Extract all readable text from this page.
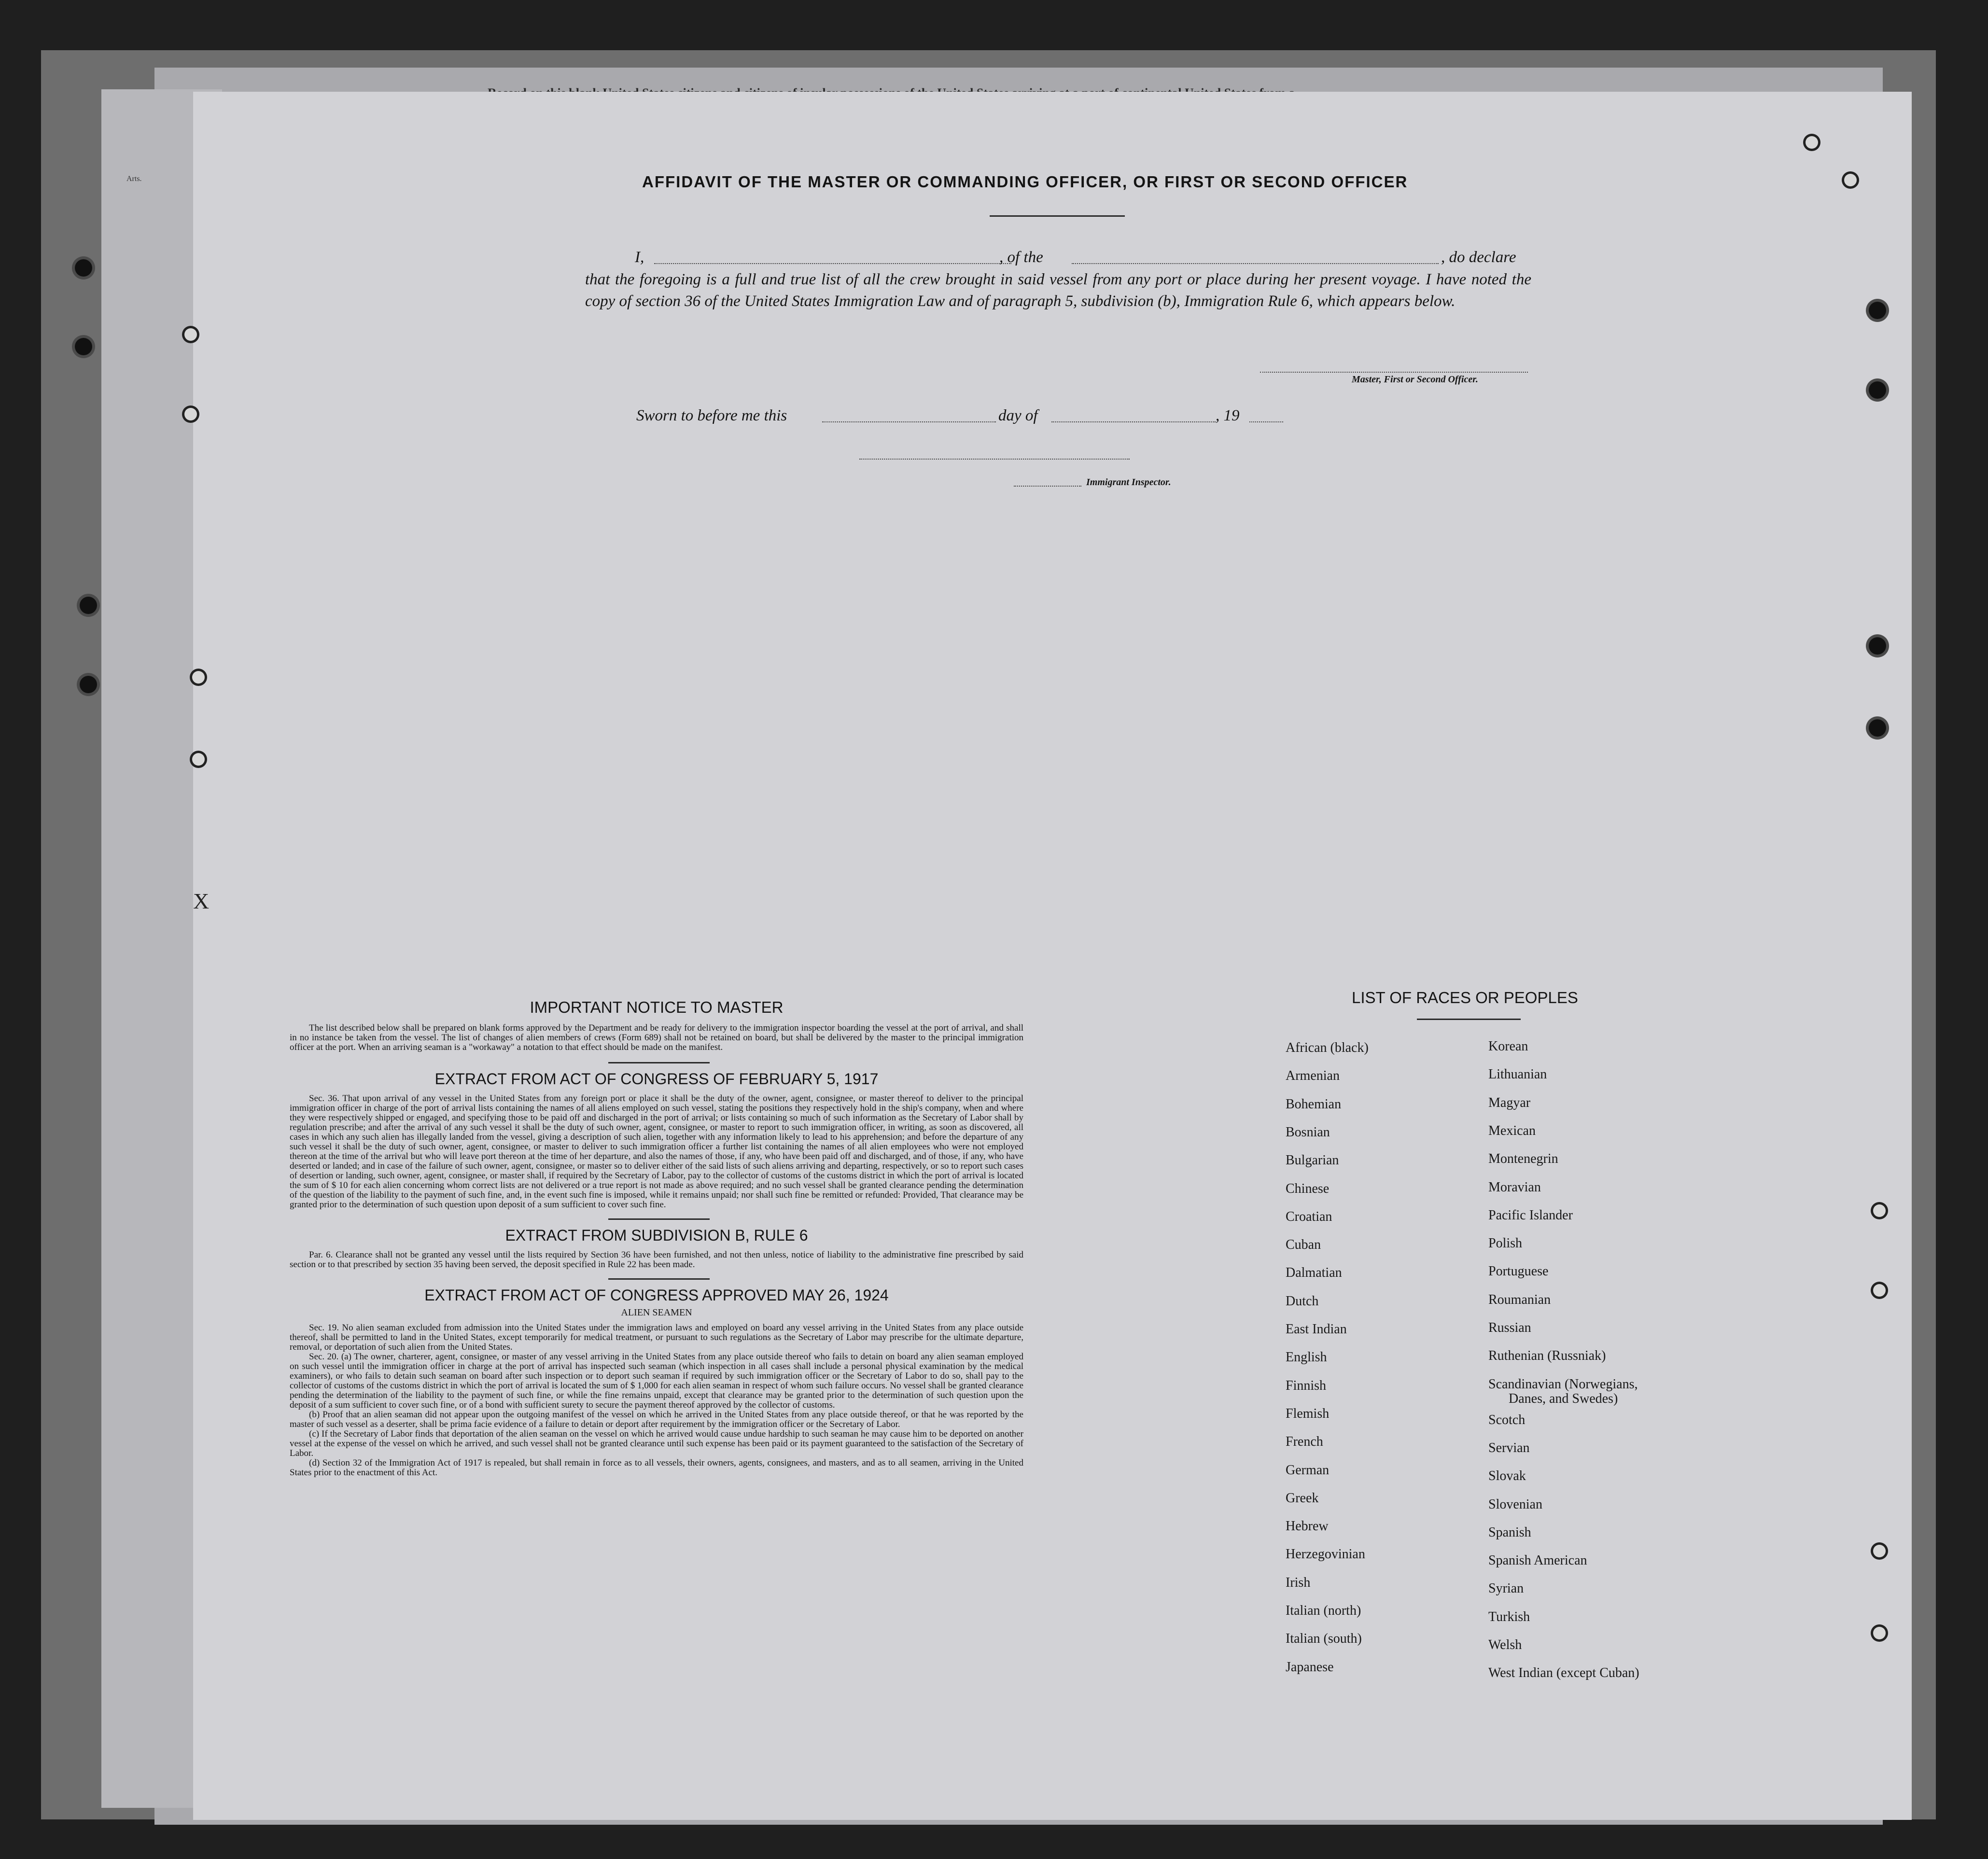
Arts.
X
AFFIDAVIT OF THE MASTER OR COMMANDING OFFICER, OR FIRST OR SECOND OFFICER
I,	, of the	, do declare
that the foregoing is a full and true list of all the crew brought in said vessel from any port or place during her present voyage. I have noted the copy of section 36 of the United States Immigration Law and of paragraph 5, subdivision (b), Immigration Rule 6, which appears below.
Master, First or Second Officer.
Sworn to before me this	day of	, 19
Immigrant Inspector.
IMPORTANT NOTICE TO MASTER

The list described below shall be prepared on blank forms approved by the Department and be ready for delivery to the immigration inspector boarding the vessel at the port of arrival, and shall in no instance be taken from the vessel. The list of changes of alien members of crews (Form 689) shall not be retained on board, but shall be delivered by the master to the principal immigration officer at the port. When an arriving seaman is a "workaway" a notation to that effect should be made on the manifest.

EXTRACT FROM ACT OF CONGRESS OF FEBRUARY 5, 1917

Sec. 36. That upon arrival of any vessel in the United States from any foreign port or place it shall be the duty of the owner, agent, consignee, or master thereof to deliver to the principal immigration officer in charge of the port of arrival lists containing the names of all aliens employed on such vessel, stating the positions they respectively hold in the ship's company, when and where they were respectively shipped or engaged, and specifying those to be paid off and discharged in the port of arrival; or lists containing so much of such information as the Secretary of Labor shall by regulation prescribe; and after the arrival of any such vessel it shall be the duty of such owner, agent, consignee, or master to report to such immigration officer, in writing, as soon as discovered, all cases in which any such alien has illegally landed from the vessel, giving a description of such alien, together with any information likely to lead to his apprehension; and before the departure of any such vessel it shall be the duty of such owner, agent, consignee, or master to deliver to such immigration officer a further list containing the names of all alien employees who were not employed thereon at the time of the arrival but who will leave port thereon at the time of her departure, and also the names of those, if any, who have been paid off and discharged, and of those, if any, who have deserted or landed; and in case of the failure of such owner, agent, consignee, or master so to deliver either of the said lists of such aliens arriving and departing, respectively, or so to report such cases of desertion or landing, such owner, agent, consignee, or master shall, if required by the Secretary of Labor, pay to the collector of customs of the customs district in which the port of arrival is located the sum of $ 10 for each alien concerning whom correct lists are not delivered or a true report is not made as above required; and no such vessel shall be granted clearance pending the determination of the question of the liability to the payment of such fine, and, in the event such fine is imposed, while it remains unpaid; nor shall such fine be remitted or refunded: Provided, That clearance may be granted prior to the determination of such question upon deposit of a sum sufficient to cover such fine.

EXTRACT FROM SUBDIVISION B, RULE 6

Par. 6. Clearance shall not be granted any vessel until the lists required by Section 36 have been furnished, and not then unless, notice of liability to the administrative fine prescribed by said section or to that prescribed by section 35 having been served, the deposit specified in Rule 22 has been made.

EXTRACT FROM ACT OF CONGRESS APPROVED MAY 26, 1924
ALIEN SEAMEN

Sec. 19. No alien seaman excluded from admission into the United States under the immigration laws and employed on board any vessel arriving in the United States from any place outside thereof, shall be permitted to land in the United States, except temporarily for medical treatment, or pursuant to such regulations as the Secretary of Labor may prescribe for the ultimate departure, removal, or deportation of such alien from the United States.

Sec. 20. (a) The owner, charterer, agent, consignee, or master of any vessel arriving in the United States from any place outside thereof who fails to detain on board any alien seaman employed on such vessel until the immigration officer in charge at the port of arrival has inspected such seaman (which inspection in all cases shall include a personal physical examination by the medical examiners), or who fails to detain such seaman on board after such inspection or to deport such seaman if required by such immigration officer or the Secretary of Labor to do so, shall pay to the collector of customs of the customs district in which the port of arrival is located the sum of $ 1,000 for each alien seaman in respect of whom such failure occurs. No vessel shall be granted clearance pending the determination of the liability to the payment of such fine, or while the fine remains unpaid, except that clearance may be granted prior to the determination of such question upon the deposit of a sum sufficient to cover such fine, or of a bond with sufficient surety to secure the payment thereof approved by the collector of customs.

(b) Proof that an alien seaman did not appear upon the outgoing manifest of the vessel on which he arrived in the United States from any place outside thereof, or that he was reported by the master of such vessel as a deserter, shall be prima facie evidence of a failure to detain or deport after requirement by the immigration officer or the Secretary of Labor.

(c) If the Secretary of Labor finds that deportation of the alien seaman on the vessel on which he arrived would cause undue hardship to such seaman he may cause him to be deported on another vessel at the expense of the vessel on which he arrived, and such vessel shall not be granted clearance until such expense has been paid or its payment guaranteed to the satisfaction of the Secretary of Labor.

(d) Section 32 of the Immigration Act of 1917 is repealed, but shall remain in force as to all vessels, their owners, agents, consignees, and masters, and as to all seamen, arriving in the United States prior to the enactment of this Act.

LIST OF RACES OR PEOPLES
African (black)
Armenian
Bohemian
Bosnian
Bulgarian
Chinese
Croatian
Cuban
Dalmatian
Dutch
East Indian
English
Finnish
Flemish
French
German
Greek
Hebrew
Herzegovinian
Irish
Italian (north)
Italian (south)
Japanese
Korean
Lithuanian
Magyar
Mexican
Montenegrin
Moravian
Pacific Islander
Polish
Portuguese
Roumanian
Russian
Ruthenian (Russniak)
Scandinavian (Norwegians,
Danes, and Swedes)
Scotch
Servian
Slovak
Slovenian
Spanish
Spanish American
Syrian
Turkish
Welsh
West Indian (except Cuban)
